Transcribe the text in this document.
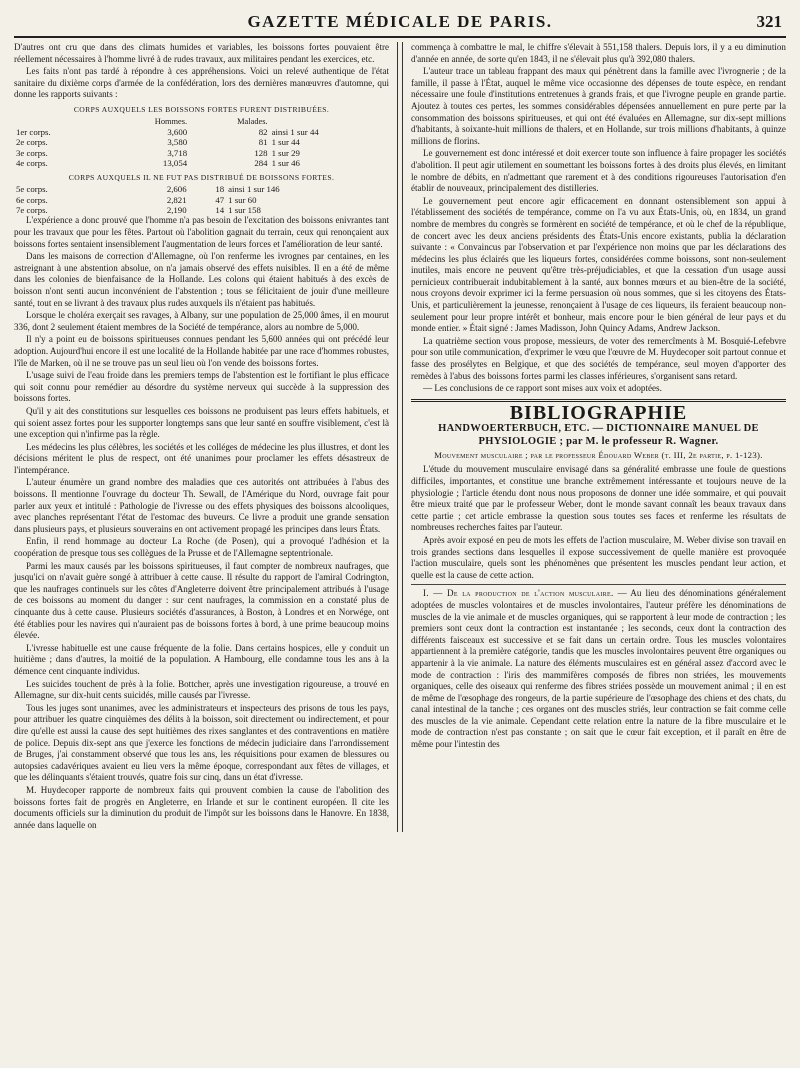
GAZETTE MÉDICALE DE PARIS.	321

D'autres ont cru que dans des climats humides et variables, les boissons fortes pouvaient être réellement nécessaires à l'homme livré à de rudes travaux, aux militaires pendant les exercices, etc.

Les faits n'ont pas tardé à répondre à ces appréhensions. Voici un relevé authentique de l'état sanitaire du dixième corps d'armée de la confédération, lors des dernières manœuvres d'automne, qui donne les rapports suivants :

CORPS AUXQUELS LES BOISSONS FORTES FURENT DISTRIBUÉES.
	Hommes.	Malades.	
1er corps.	3,600	82	ainsi 1 sur 44
2e corps.	3,580	81	1 sur 44
3e corps.	3,718	128	1 sur 29
4e corps.	13,054	284	1 sur 46
CORPS AUXQUELS IL NE FUT PAS DISTRIBUÉ DE BOISSONS FORTES.
5e corps.	2,606	18	ainsi 1 sur 146
6e corps.	2,821	47	1 sur 60
7e corps.	2,190	14	1 sur 158

L'expérience a donc prouvé que l'homme n'a pas besoin de l'excitation des boissons enivrantes tant pour les travaux que pour les fêtes. Partout où l'abolition gagnait du terrain, ceux qui renonçaient aux boissons fortes sentaient insensiblement l'augmentation de leurs forces et l'amélioration de leur santé.

Dans les maisons de correction d'Allemagne, où l'on renferme les ivrognes par centaines, en les astreignant à une abstention absolue, on n'a jamais observé des effets nuisibles. Il en a été de même dans les colonies de bienfaisance de la Hollande. Les colons qui étaient habitués à des excès de boisson n'ont senti aucun inconvénient de l'abstention ; tous se félicitaient de jouir d'une meilleure santé, tout en se livrant à des travaux plus rudes auxquels ils n'étaient pas habitués.

Lorsque le choléra exerçait ses ravages, à Albany, sur une population de 25,000 âmes, il en mourut 336, dont 2 seulement étaient membres de la Société de tempérance, alors au nombre de 5,000.

Il n'y a point eu de boissons spiritueuses connues pendant les 5,600 années qui ont précédé leur adoption. Aujourd'hui encore il est une localité de la Hollande habitée par une race d'hommes robustes, l'île de Marken, où il ne se trouve pas un seul lieu où l'on vende des boissons fortes.

L'usage suivi de l'eau froide dans les premiers temps de l'abstention est le fortifiant le plus efficace qui soit connu pour remédier au désordre du système nerveux qui succède à la suppression des boissons fortes.

Qu'il y ait des constitutions sur lesquelles ces boissons ne produisent pas leurs effets habituels, et qui soient assez fortes pour les supporter longtemps sans que leur santé en souffre visiblement, c'est là une exception qui n'infirme pas la règle.

Les médecins les plus célèbres, les sociétés et les colléges de médecine les plus illustres, et dont les décisions méritent le plus de respect, ont été unanimes pour proclamer les effets désastreux de l'intempérance.

L'auteur énumère un grand nombre des maladies que ces autorités ont attribuées à l'abus des boissons. Il mentionne l'ouvrage du docteur Th. Sewall, de l'Amérique du Nord, ouvrage fait pour parler aux yeux et intitulé : Pathologie de l'ivresse ou des effets physiques des boissons alcooliques, avec planches représentant l'état de l'estomac des buveurs. Ce livre a produit une grande sensation dans plusieurs pays, et plusieurs souverains en ont activement propagé les principes dans leurs États.

Enfin, il rend hommage au docteur La Roche (de Posen), qui a provoqué l'adhésion et la coopération de presque tous ses collègues de la Prusse et de l'Allemagne septentrionale.

Parmi les maux causés par les boissons spiritueuses, il faut compter de nombreux naufrages, que jusqu'ici on n'avait guère songé à attribuer à cette cause. Il résulte du rapport de l'amiral Codrington, que les naufrages continuels sur les côtes d'Angleterre doivent être principalement attribués à l'usage de ces boissons au moment du danger : sur cent naufrages, la commission en a constaté plus de cinquante dus à cette cause. Plusieurs sociétés d'assurances, à Boston, à Londres et en Norwége, ont été établies pour les navires qui n'auraient pas de boissons fortes à bord, à une prime beaucoup moins élevée.

L'ivresse habituelle est une cause fréquente de la folie. Dans certains hospices, elle y conduit un huitième ; dans d'autres, la moitié de la population. A Hambourg, elle condamne tous les ans à la démence cent cinquante individus.

Les suicides touchent de près à la folie. Bottcher, après une investigation rigoureuse, a trouvé en Allemagne, sur dix-huit cents suicidés, mille causés par l'ivresse.

Tous les juges sont unanimes, avec les administrateurs et inspecteurs des prisons de tous les pays, pour attribuer les quatre cinquièmes des délits à la boisson, soit directement ou indirectement, et pour dire qu'elle est aussi la cause des sept huitièmes des rixes sanglantes et des contraventions en matière de police. Depuis dix-sept ans que j'exerce les fonctions de médecin judiciaire dans l'arrondissement de Bruges, j'ai constamment observé que tous les ans, les réquisitions pour examen de blessures ou autopsies cadavériques avaient eu lieu vers la même époque, correspondant aux fêtes de villages, et que les délinquants s'étaient trouvés, quatre fois sur cinq, dans un état d'ivresse.

M. Huydecoper rapporte de nombreux faits qui prouvent combien la cause de l'abolition des boissons fortes fait de progrès en Angleterre, en Irlande et sur le continent européen. Il cite les documents officiels sur la diminution du produit de l'impôt sur les boissons dans le Hanovre. En 1838, année dans laquelle on

commença à combattre le mal, le chiffre s'élevait à 551,158 thalers. Depuis lors, il y a eu diminution d'année en année, de sorte qu'en 1843, il ne s'élevait plus qu'à 392,080 thalers.

L'auteur trace un tableau frappant des maux qui pénètrent dans la famille avec l'ivrognerie ; de la famille, il passe à l'État, auquel le même vice occasionne des dépenses de toute espèce, en rendant nécessaire une foule d'institutions entretenues à grands frais, et que l'ivrogne peuple en grande partie. Ajoutez à toutes ces pertes, les sommes considérables dépensées annuellement en pure perte par la consommation des boissons spiritueuses, et qui ont été évaluées en Allemagne, sur dix-sept millions d'habitants, à soixante-huit millions de thalers, et en Hollande, sur trois millions d'habitants, à quinze millions de florins.

Le gouvernement est donc intéressé et doit exercer toute son influence à faire propager les sociétés d'abolition. Il peut agir utilement en soumettant les boissons fortes à des droits plus élevés, en limitant le nombre de débits, en n'admettant que rarement et à des conditions rigoureuses l'autorisation d'en établir de nouveaux, principalement des distilleries.

Le gouvernement peut encore agir efficacement en donnant ostensiblement son appui à l'établissement des sociétés de tempérance, comme on l'a vu aux États-Unis, où, en 1834, un grand nombre de membres du congrès se formèrent en société de tempérance, et où le chef de la république, de concert avec les deux anciens présidents des États-Unis encore existants, publia la déclaration suivante : « Convaincus par l'observation et par l'expérience non moins que par les déclarations des médecins les plus éclairés que les liqueurs fortes, considérées comme boissons, sont non-seulement inutiles, mais encore ne peuvent qu'être très-préjudiciables, et que la cessation d'un usage aussi pernicieux contribuerait indubitablement à la santé, aux bonnes mœurs et au bien-être de la société, nous croyons devoir exprimer ici la ferme persuasion où nous sommes, que si les citoyens des États-Unis, et particulièrement la jeunesse, renonçaient à l'usage de ces liqueurs, ils feraient beaucoup non-seulement pour leur propre intérêt et bonheur, mais encore pour le bien général de leur pays et du monde entier. » Était signé : James Madisson, John Quincy Adams, Andrew Jackson.

La quatrième section vous propose, messieurs, de voter des remercîments à M. Bosquié-Lefebvre pour son utile communication, d'exprimer le vœu que l'œuvre de M. Huydecoper soit partout connue et fasse des prosélytes en Belgique, et que des sociétés de tempérance, seul moyen d'apporter des remèdes à l'abus des boissons fortes parmi les classes inférieures, s'organisent sans retard.

— Les conclusions de ce rapport sont mises aux voix et adoptées.

BIBLIOGRAPHIE
HANDWOERTERBUCH, ETC. — DICTIONNAIRE MANUEL DE PHYSIOLOGIE ; par M. le professeur R. Wagner.
Mouvement musculaire ; par le professeur Édouard Weber (t. III, 2e partie, p. 1-123).

L'étude du mouvement musculaire envisagé dans sa généralité embrasse une foule de questions difficiles, importantes, et constitue une branche extrêmement intéressante et toujours neuve de la physiologie ; l'article étendu dont nous nous proposons de donner une idée sommaire, et qui pouvait être mieux traité que par le professeur Weber, dont le monde savant connaît les beaux travaux dans cette partie ; cet article embrasse la question sous toutes ses faces et renferme les résultats de nombreuses recherches faites par l'auteur.

Après avoir exposé en peu de mots les effets de l'action musculaire, M. Weber divise son travail en trois grandes sections dans lesquelles il expose successivement de quelle manière est provoquée l'action musculaire, quels sont les phénomènes que présentent les muscles pendant leur action, et quelle est la cause de cette action.

I. — De la production de l'action musculaire. — Au lieu des dénominations généralement adoptées de muscles volontaires et de muscles involontaires, l'auteur préfère les dénominations de muscles de la vie animale et de muscles organiques, qui se rapportent à leur mode de contraction ; les premiers sont ceux dont la contraction est instantanée ; les seconds, ceux dont la contraction des différents faisceaux est successive et se fait dans un certain ordre. Tous les muscles volontaires appartiennent à la première catégorie, tandis que les muscles involontaires peuvent être organiques ou appartenir à la vie animale. La nature des éléments musculaires est en général assez d'accord avec le mode de contraction : l'iris des mammifères composés de fibres non striées, les mouvements organiques, celle des oiseaux qui renferme des fibres striées possède un mouvement animal ; il en est de même de l'œsophage des rongeurs, de la partie supérieure de l'œsophage des chiens et des chats, du canal intestinal de la tanche ; ces organes ont des muscles striés, leur contraction se fait comme celle des muscles de la vie animale. Cependant cette relation entre la nature de la fibre musculaire et le mode de contraction n'est pas constante ; on sait que le cœur fait exception, et il paraît en être de même pour l'intestin des
